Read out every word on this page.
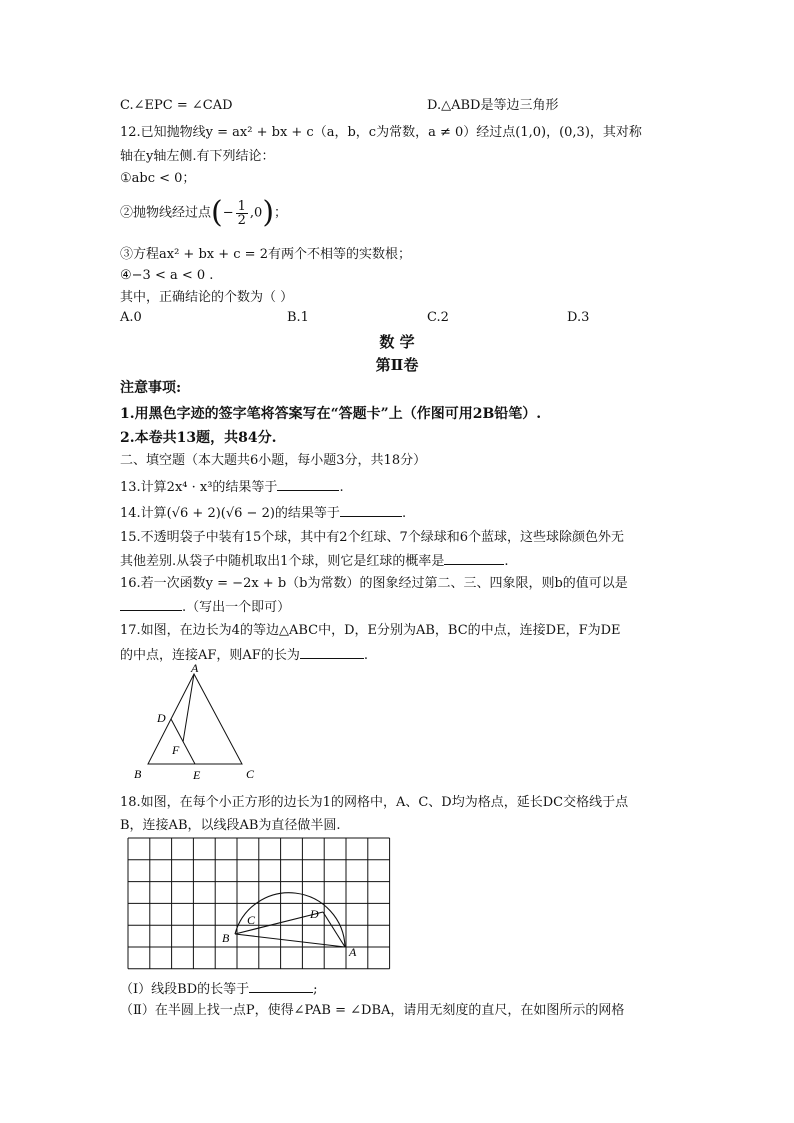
C.∠EPC = ∠CAD	D.△ABD是等边三角形
12.已知抛物线y = ax² + bx + c（a，b，c为常数，a ≠ 0）经过点(1,0)，(0,3)，其对称
轴在y轴左侧.有下列结论：
①abc < 0；
②抛物线经过点(− $\frac{1}{2} ,0$)；
③方程ax² + bx + c = 2有两个不相等的实数根；
④−3 < a < 0 .
其中，正确结论的个数为（ ）
A.0	B.1	C.2	D.3
数 学
第Ⅱ卷
注意事项:
1.用黑色字迹的签字笔将答案写在“答题卡”上（作图可用2B铅笔）.
2.本卷共13题，共84分.
二、填空题（本大题共6小题，每小题3分，共18分）
13.计算2x⁴ · x³的结果等于	.
14.计算(√6 + 2)(√6 − 2)的结果等于	.
15.不透明袋子中装有15个球，其中有2个红球、7个绿球和6个蓝球，这些球除颜色外无
其他差别.从袋子中随机取出1个球，则它是红球的概率是	.
16.若一次函数y = −2x + b（b为常数）的图象经过第二、三、四象限，则b的值可以是
.（写出一个即可）
17.如图，在边长为4的等边△ABC中，D，E分别为AB，BC的中点，连接DE，F为DE
的中点，连接AF，则AF的长为	.
A
B	C
D
E
F
18.如图，在每个小正方形的边长为1的网格中，A、C、D均为格点，延长DC交格线于点
B，连接AB，以线段AB为直径做半圆.
A
B
C	D
（Ⅰ）线段BD的长等于	;
（Ⅱ）在半圆上找一点P，使得∠PAB = ∠DBA，请用无刻度的直尺，在如图所示的网格
